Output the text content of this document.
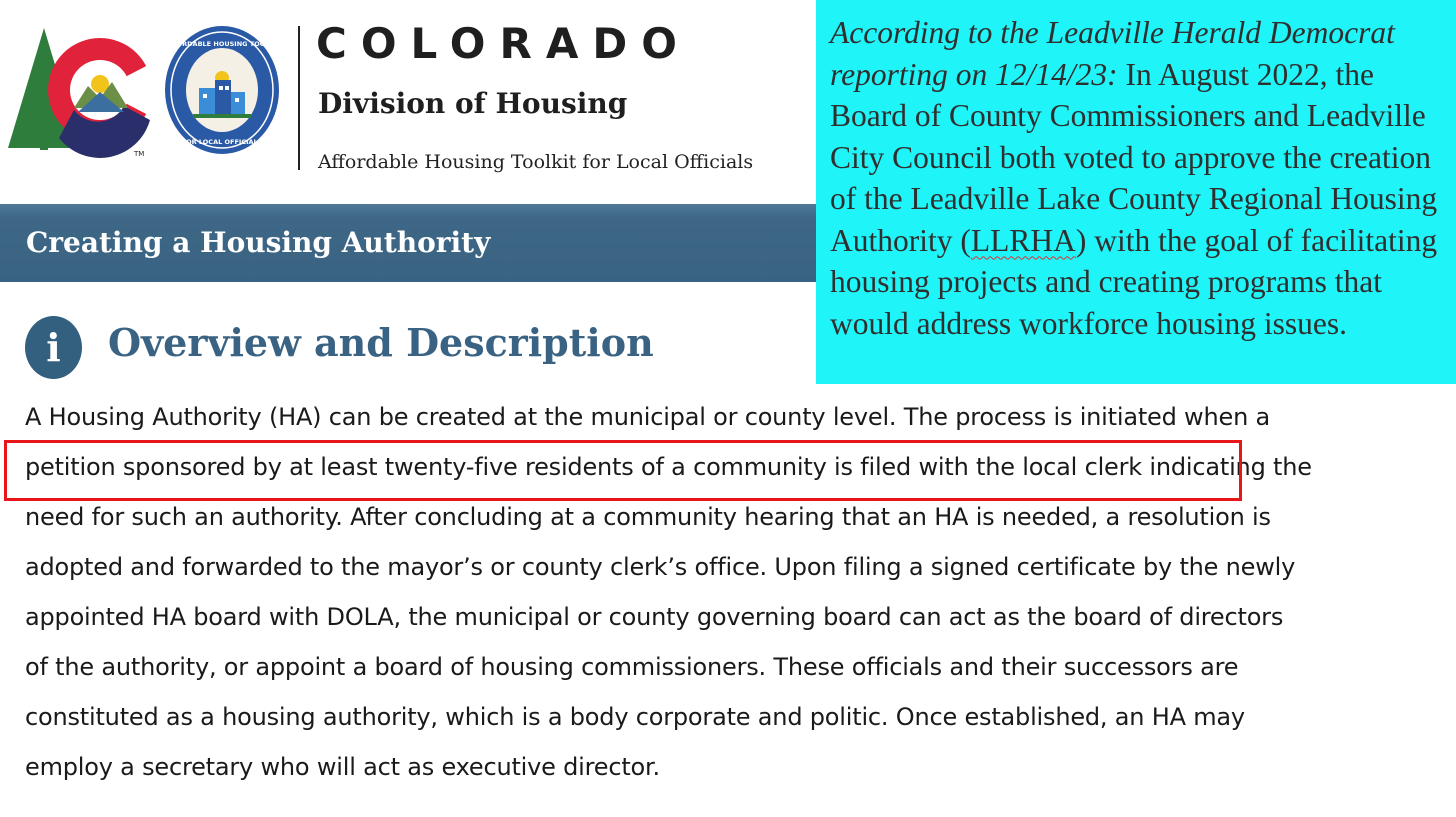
TM
AFFORDABLE HOUSING TOOLKIT
FOR LOCAL OFFICIALS
COLORADO
Division of Housing

Affordable Housing Toolkit for Local Officials

Creating a Housing Authority
i	Overview and Description

According to the Leadville Herald Democrat reporting on 12/14/23: In August 2022, the Board of County Commissioners and Leadville City Council both voted to approve the creation of the Leadville Lake County Regional Housing Authority (LLRHA) with the goal of facilitating housing projects and creating programs that would address workforce housing issues.

A Housing Authority (HA) can be created at the municipal or county level. The process is initiated when a
petition sponsored by at least twenty-five residents of a community is filed with the local clerk indicating the
need for such an authority. After concluding at a community hearing that an HA is needed, a resolution is
adopted and forwarded to the mayor’s or county clerk’s office. Upon filing a signed certificate by the newly
appointed HA board with DOLA, the municipal or county governing board can act as the board of directors
of the authority, or appoint a board of housing commissioners. These officials and their successors are
constituted as a housing authority, which is a body corporate and politic. Once established, an HA may
employ a secretary who will act as executive director.
